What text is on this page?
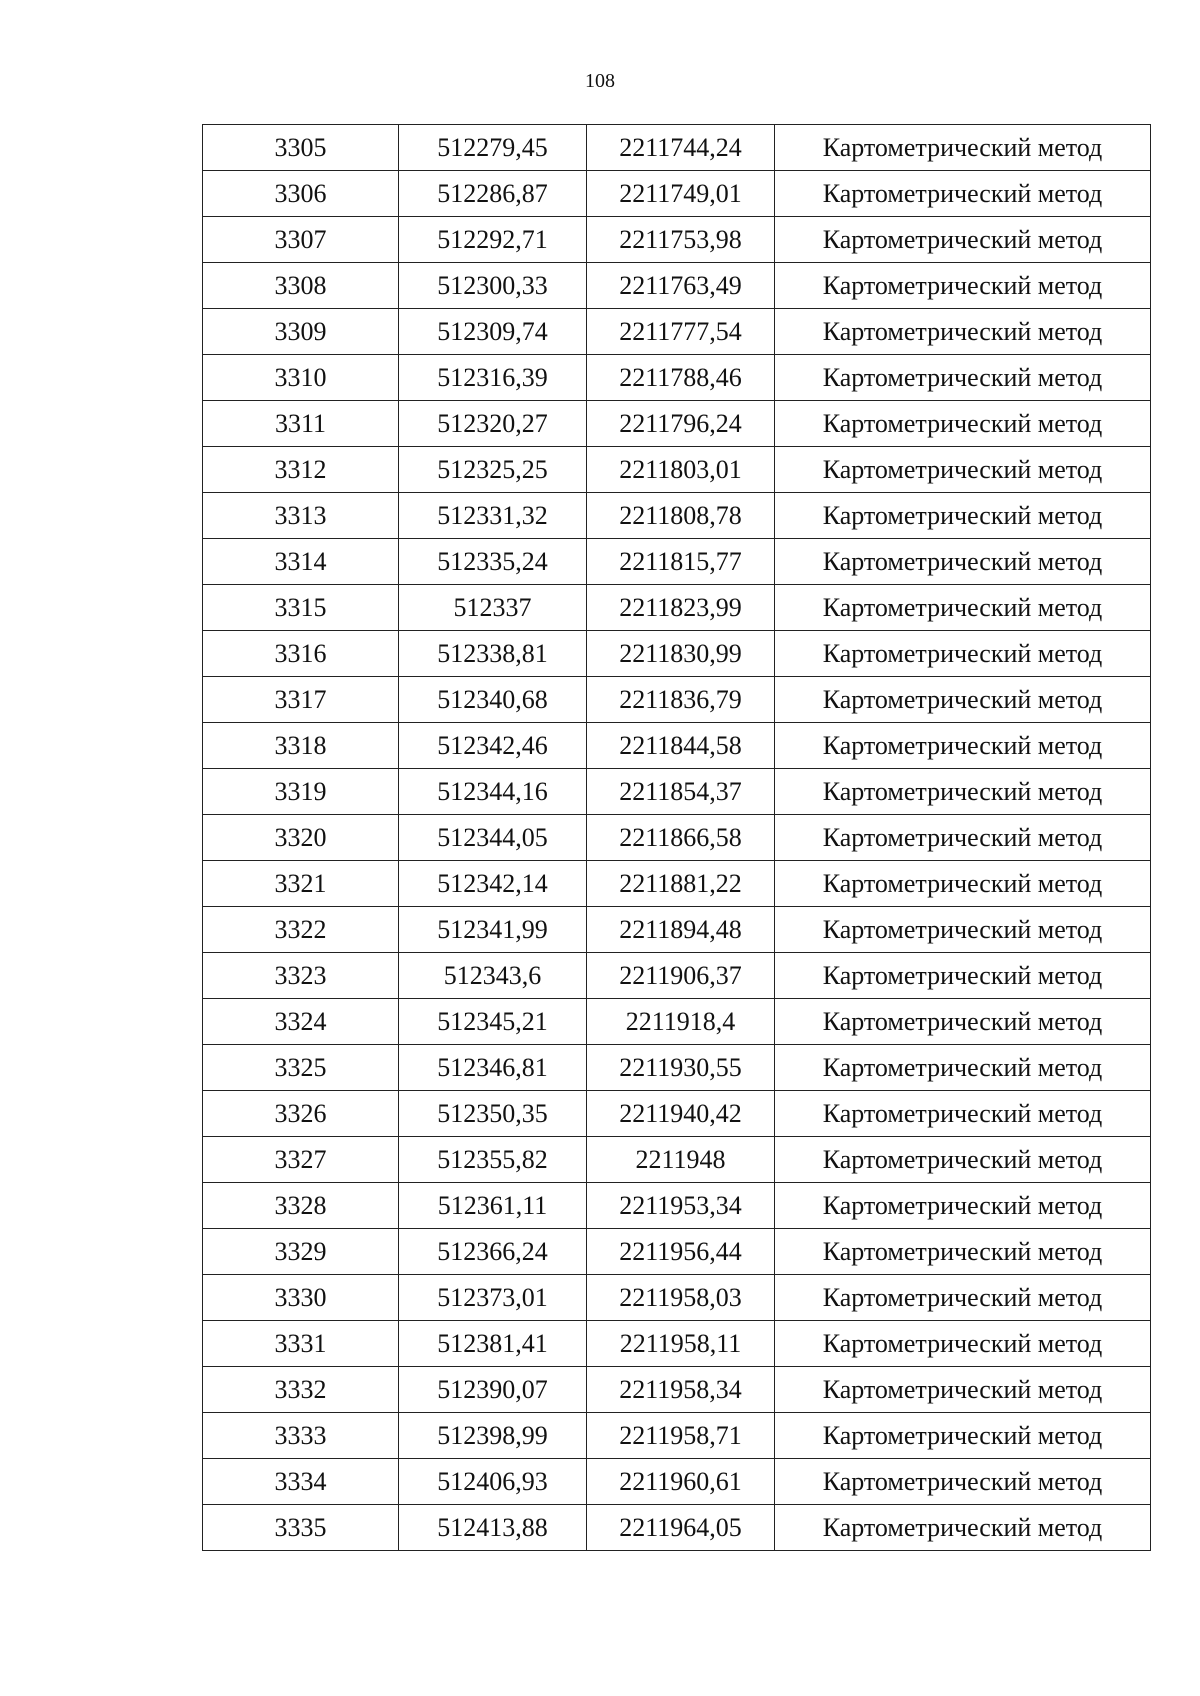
108
3305	512279,45	2211744,24	Картометрический метод
3306	512286,87	2211749,01	Картометрический метод
3307	512292,71	2211753,98	Картометрический метод
3308	512300,33	2211763,49	Картометрический метод
3309	512309,74	2211777,54	Картометрический метод
3310	512316,39	2211788,46	Картометрический метод
3311	512320,27	2211796,24	Картометрический метод
3312	512325,25	2211803,01	Картометрический метод
3313	512331,32	2211808,78	Картометрический метод
3314	512335,24	2211815,77	Картометрический метод
3315	512337	2211823,99	Картометрический метод
3316	512338,81	2211830,99	Картометрический метод
3317	512340,68	2211836,79	Картометрический метод
3318	512342,46	2211844,58	Картометрический метод
3319	512344,16	2211854,37	Картометрический метод
3320	512344,05	2211866,58	Картометрический метод
3321	512342,14	2211881,22	Картометрический метод
3322	512341,99	2211894,48	Картометрический метод
3323	512343,6	2211906,37	Картометрический метод
3324	512345,21	2211918,4	Картометрический метод
3325	512346,81	2211930,55	Картометрический метод
3326	512350,35	2211940,42	Картометрический метод
3327	512355,82	2211948	Картометрический метод
3328	512361,11	2211953,34	Картометрический метод
3329	512366,24	2211956,44	Картометрический метод
3330	512373,01	2211958,03	Картометрический метод
3331	512381,41	2211958,11	Картометрический метод
3332	512390,07	2211958,34	Картометрический метод
3333	512398,99	2211958,71	Картометрический метод
3334	512406,93	2211960,61	Картометрический метод
3335	512413,88	2211964,05	Картометрический метод
